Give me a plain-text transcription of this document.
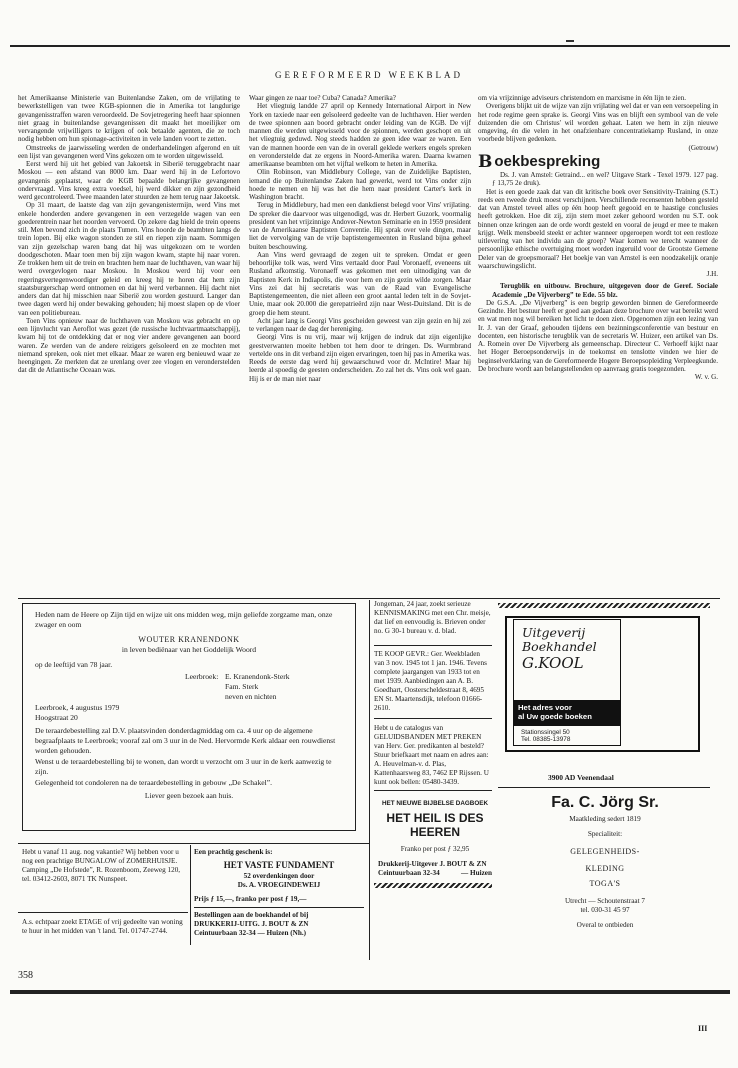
GEREFORMEERD WEEKBLAD

het Amerikaanse Ministerie van Buitenlandse Zaken, om de vrijlating te bewerkstelligen van twee KGB-spionnen die in Amerika tot langdurige gevangenisstraffen waren veroordeeld. De Sovjetregering heeft haar spionnen niet graag in buitenlandse gevangenissen dit maakt het moeilijker om vervangende vrijwilligers te krijgen of ook betaalde agenten, die ze toch nodig hebben om hun spionage-activiteiten in vele landen voort te zetten.

Omstreeks de jaarwisseling werden de onderhandelingen afgerond en uit een lijst van gevangenen werd Vins gekozen om te worden uitgewisseld.

Eerst werd hij uit het gebied van Jakoetsk in Siberië teruggebracht naar Moskou — een afstand van 8000 km. Daar werd hij in de Lefortovo gevangenis geplaatst, waar de KGB bepaalde belangrijke gevangenen ondervraagd. Vins kreeg extra voedsel, hij werd dikker en zijn gezondheid werd gecontroleerd. Twee maanden later stuurden ze hem terug naar Jakoetsk.

Op 31 maart, de laatste dag van zijn gevangenistermijn, werd Vins met enkele honderden andere gevangenen in een verzegelde wagen van een goederentrein naar het noorden vervoerd. Op zekere dag hield de trein opeens stil. Men bevond zich in de plaats Tumen. Vins hoorde de beambten langs de trein lopen. Bij elke wagon stonden ze stil en riepen zijn naam. Sommigen van zijn gezelschap waren bang dat hij was uitgekozen om te worden doodgeschoten. Maar toen men bij zijn wagon kwam, stapte hij naar voren. Ze trokken hem uit de trein en brachten hem naar de luchthaven, van waar hij werd overgevlogen naar Moskou. In Moskou werd hij voor een regeringsvertegenwoordiger geleid en kreeg hij te horen dat hem zijn staatsburgerschap werd ontnomen en dat hij werd verbannen. Hij dacht niet anders dan dat hij misschien naar Siberië zou worden gestuurd. Langer dan twee dagen werd hij onder bewaking gehouden; hij moest slapen op de vloer van een politiebureau.

Toen Vins opnieuw naar de luchthaven van Moskou was gebracht en op een lijnvlucht van Aeroflot was gezet (de russische luchtvaartmaatschappij), kwam hij tot de ontdekking dat er nog vier andere gevangenen aan boord waren. Ze werden van de andere reizigers geïsoleerd en ze mochten met niemand spreken, ook niet met elkaar. Maar ze waren erg benieuwd waar ze heengingen. Ze merkten dat ze urenlang over zee vlogen en veronderstelden dat dit de Atlantische Oceaan was.

Waar gingen ze naar toe? Cuba? Canada? Amerika?

Het vliegtuig landde 27 april op Kennedy International Airport in New York en taxiede naar een geïsoleerd gedeelte van de luchthaven. Hier werden de twee spionnen aan boord gebracht onder leiding van de KGB. De vijf mannen die werden uitgewisseld voor de spionnen, werden geschopt en uit het vliegtuig geduwd. Nog steeds hadden ze geen idee waar ze waren. Een van de mannen hoorde een van de in overall geklede werkers engels spreken en veronderstelde dat ze ergens in Noord-Amerika waren. Daarna kwamen amerikaanse beambten om het vijftal welkom te heten in Amerika.

Olin Robinson, van Middlebury College, van de Zuidelijke Baptisten, iemand die op Buitenlandse Zaken had gewerkt, werd tot Vins onder zijn hoede te nemen en hij was het die hem naar president Carter's kerk in Washington bracht.

Terug in Middlebury, had men een dankdienst belegd voor Vins' vrijlating. De spreker die daarvoor was uitgenodigd, was dr. Herbert Guzork, voormalig president van het vrijzinnige Andover-Newton Seminarie en in 1959 president van de Amerikaanse Baptisten Conventie. Hij sprak over vele dingen, maar liet de vervolging van de vrije baptistengemeenten in Rusland bijna geheel buiten beschouwing.

Aan Vins werd gevraagd de zegen uit te spreken. Omdat er geen behoorlijke tolk was, werd Vins vertaald door Paul Voronaeff, eveneens uit Rusland afkomstig. Voronaeff was gekomen met een uitnodiging van de Baptisten Kerk in Indiapolis, die voor hem en zijn gezin wilde zorgen. Maar Vins zei dat hij secretaris was van de Raad van Evangelische Baptistengemeenten, die niet alleen een groot aantal leden telt in de Sovjet-Unie, maar ook 20.000 die gerepatrieërd zijn naar West-Duitsland. Dit is de groep die hem steunt.

Acht jaar lang is Georgi Vins gescheiden geweest van zijn gezin en hij zei te verlangen naar de dag der hereniging.

Georgi Vins is nu vrij, maar wij krijgen de indruk dat zijn eigenlijke geestverwanten moeite hebben tot hem door te dringen. Ds. Wurmbrand vertelde ons in dit verband zijn eigen ervaringen, toen hij pas in Amerika was. Reeds de eerste dag werd hij gewaarschuwd voor dr. McIntire! Maar hij leerde al spoedig de geesten onderscheiden. Zo zal het ds. Vins ook wel gaan. Hij is er de man niet naar

om via vrijzinnige adviseurs christendom en marxisme in één lijn te zien.

Overigens blijkt uit de wijze van zijn vrijlating wel dat er van een versoepeling in het rode regime geen sprake is. Georgi Vins was en blijft een symbool van de vele duizenden die om Christus' wil worden gehaat. Laten we hem in zijn nieuwe omgeving, én die velen in het onafzienbare concentratiekamp Rusland, in onze voorbede blijven gedenken.

(Getrouw)
B oekbespreking

Ds. J. van Amstel: Getraind... en wel? Uitgave Stark - Texel 1979. 127 pag. ƒ 13,75 2e druk).

Het is een goede zaak dat van dit kritische boek over Sensitivity-Training (S.T.) reeds een tweede druk moest verschijnen. Verschillende recensenten hebben gesteld dat van Amstel teveel alles op één hoop heeft gegooid en te haastige conclusies heeft getrokken. Hoe dit zij, zijn stem moet zeker gehoord worden nu S.T. ook binnen onze kringen aan de orde wordt gesteld en vooral de jeugd er mee te maken krijgt. Welk mensbeeld steekt er achter wanneer opgeroepen wordt tot een restloze uitlevering van het individu aan de groep? Waar komen we terecht wanneer de persoonlijke ethische overtuiging moet worden ingeruild voor de Grootste Gemene Deler van de groepsmoraal? Het boekje van van Amstel is een noodzakelijk oranje waarschuwingslicht.

J.H.

Terugblik en uitbouw. Brochure, uitgegeven door de Geref. Sociale Academie „De Vijverberg” te Ede. 55 blz.

De G.S.A. „De Vijverberg” is een begrip geworden binnen de Gereformeerde Gezindte. Het bestuur heeft er goed aan gedaan deze brochure over wat bereikt werd en wat men nog wil bereiken het licht te doen zien. Opgenomen zijn een lezing van Ir. J. van der Graaf, gehouden tijdens een bezinningsconferentie van bestuur en docenten, een historische terugblik van de secretaris W. Huizer, een artikel van Ds. A. Romein over De Vijverberg als gemeenschap. Directeur C. Verhoeff kijkt naar het Hoger Beroepsonderwijs in de toekomst en tenslotte vinden we hier de beginselverklaring van de Gereformeerde Hogere Beroepsopleiding Verpleegkunde. De brochure wordt aan belangstellenden op aanvraag gratis toegezonden.

W. v. G.
Heden nam de Heere op Zijn tijd en wijze uit ons midden weg, mijn geliefde zorgzame man, onze zwager en oom
WOUTER KRANENDONK
in leven bediënaar van het Goddelijk Woord
op de leeftijd van 78 jaar.
Leerbroek: E. Kranendonk-Sterk
Fam. Sterk
neven en nichten
Leerbroek, 4 augustus 1979
Hoogstraat 20
De teraardebestelling zal D.V. plaatsvinden donderdagmiddag om ca. 4 uur op de algemene begraafplaats te Leerbroek; vooraf zal om 3 uur in de Ned. Hervormde Kerk aldaar een rouwdienst worden gehouden.
Wenst u de teraardebestelling bij te wonen, dan wordt u verzocht om 3 uur in de kerk aanwezig te zijn.
Gelegenheid tot condoleren na de teraardebestelling in gebouw „De Schakel”.
Liever geen bezoek aan huis.
Jongeman, 24 jaar, zoekt serieuze KENNISMAKING met een Chr. meisje, dat lief en eenvoudig is. Brieven onder no. G 30-1 bureau v. d. blad.
TE KOOP GEVR.: Ger. Weekbladen van 3 nov. 1945 tot 1 jan. 1946. Tevens complete jaargangen van 1933 tot en met 1939. Aanbiedingen aan A. B. Goedhart, Oosterscheldestraat 8, 4695 EN St. Maartensdijk, telefoon 01666-2610.
Hebt u de catalogus van GELUIDSBANDEN MET PREKEN van Herv. Ger. predikanten al besteld? Stuur briefkaart met naam en adres aan: A. Heuvelman-v. d. Plas, Kattenhaarsweg 83, 7462 EP Rijssen. U kunt ook bellen: 05480-3439.
HET NIEUWE BIJBELSE DAGBOEK
HET HEIL IS DES
HEEREN
Franko per post ƒ 32,95
Drukkerij-Uitgever J. BOUT & ZN
Ceintuurbaan 32-34	— Huizen
Uitgeverij
Boekhandel
G.KOOL
Het adres voor
al Uw goede boeken
Stationssingel 50
Tel. 08385-13978
3900 AD Veenendaal
Fa. C. Jörg Sr.
Maatkleding sedert 1819
Specialiteit:
GELEGENHEIDS-
KLEDING
TOGA'S
Utrecht — Schoutenstraat 7
tel. 030-31 45 97
Overal te ontbieden
Hebt u vanaf 11 aug. nog vakantie? Wij hebben voor u nog een prachtige BUNGALOW of ZOMERHUISJE. Camping „De Hofstede”, R. Rozenboom, Zeeweg 120, tel. 03412-2603, 8071 TK Nunspeet.
A.s. echtpaar zoekt ETAGE of vrij gedeelte van woning te huur in het midden van 't land. Tel. 01747-2744.
Een prachtig geschenk is:
HET VASTE FUNDAMENT
52 overdenkingen door
Ds. A. VROEGINDEWEIJ
Prijs ƒ 15,—, franko per post ƒ 19,—
Bestellingen aan de boekhandel of bij
DRUKKERIJ-UITG. J. BOUT & ZN
Ceintuurbaan 32-34 — Huizen (Nh.)
358
III
